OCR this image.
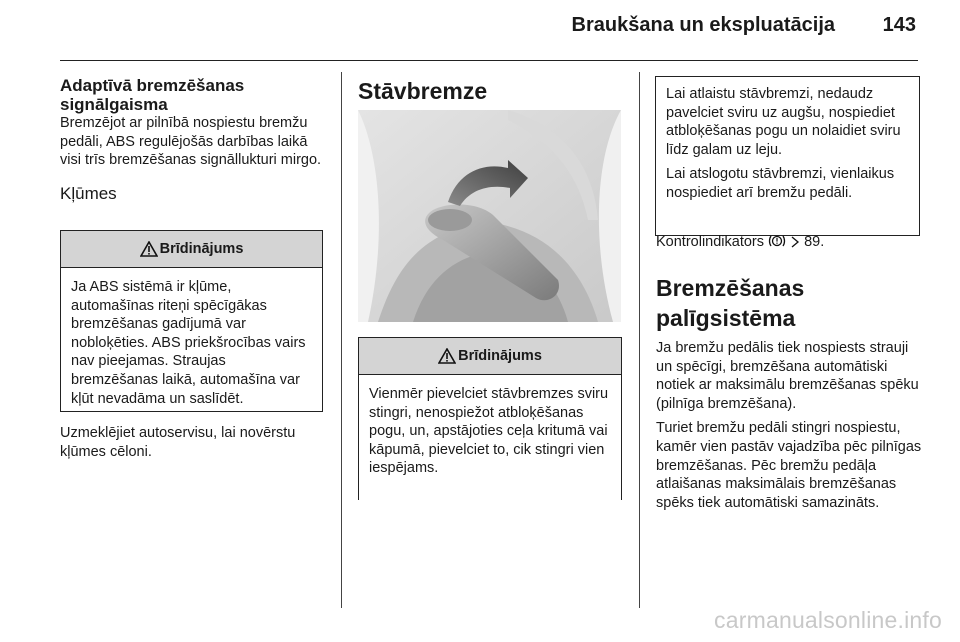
Braukšana un ekspluatācija 143
Adaptīvā bremzēšanas signālgaisma

Bremzējot ar pilnībā nospiestu bremžu pedāli, ABS regulējošās darbības laikā visi trīs bremzēšanas signāllukturi mirgo.

Kļūmes
Brīdinājums

Ja ABS sistēmā ir kļūme, automašīnas riteņi spēcīgākas bremzēšanas gadījumā var nobloķēties. ABS priekšrocības vairs nav pieejamas. Straujas bremzēšanas laikā, automašīna var kļūt nevadāma un saslīdēt.

Uzmeklējiet autoservisu, lai novērstu kļūmes cēloni.

Stāvbremze
Brīdinājums

Vienmēr pievelciet stāvbremzes sviru stingri, nenospiežot atbloķēšanas pogu, un, apstājoties ceļa kritumā vai kāpumā, pievelciet to, cik stingri vien iespējams.

Lai atlaistu stāvbremzi, nedaudz pavelciet sviru uz augšu, nospiediet atbloķēšanas pogu un nolaidiet sviru līdz galam uz leju.

Lai atslogotu stāvbremzi, vienlaikus nospiediet arī bremžu pedāli.

Kontrolindikators	89.

Bremzēšanas palīgsistēma

Ja bremžu pedālis tiek nospiests strauji un spēcīgi, bremzēšana automātiski notiek ar maksimālu bremzēšanas spēku (pilnīga bremzēšana).

Turiet bremžu pedāli stingri nospiestu, kamēr vien pastāv vajadzība pēc pilnīgas bremzēšanas. Pēc bremžu pedāļa atlaišanas maksimālais bremzēšanas spēks tiek automātiski samazināts.

carmanualsonline.info
